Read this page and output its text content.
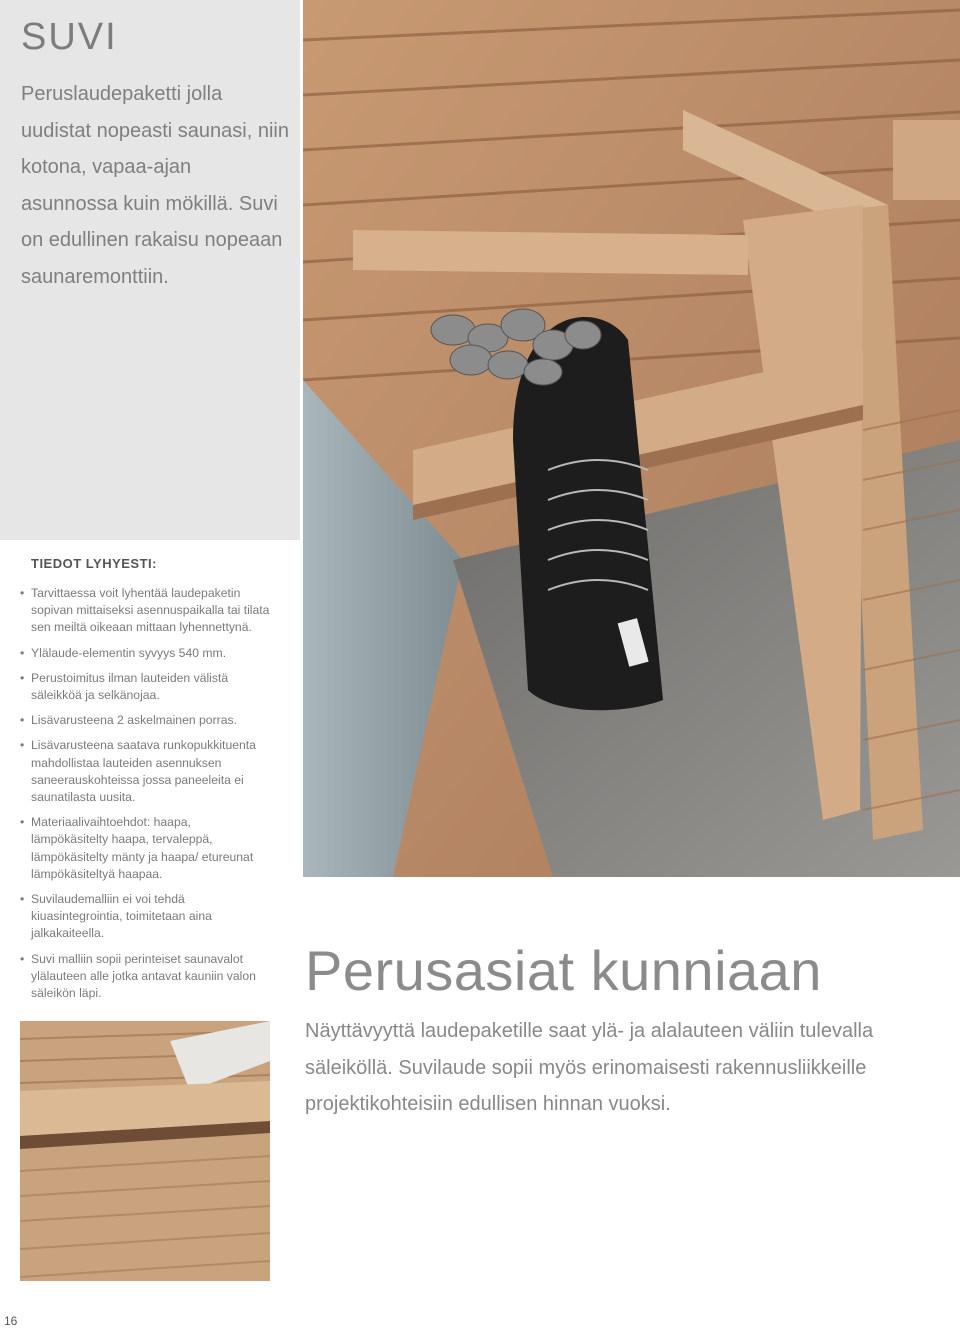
SUVI
Peruslaudepaketti jolla uudistat nopeasti saunasi, niin kotona, vapaa-ajan asunnossa kuin mökillä. Suvi on edullinen rakaisu nopeaan saunaremonttiin.
TIEDOT LYHYESTI:
• Tarvittaessa voit lyhentää laudepaketin sopivan mittaiseksi asennuspaikalla tai tilata sen meiltä oikeaan mittaan lyhennettynä.
• Ylälaude-elementin syvyys 540 mm.
• Perustoimitus ilman lauteiden välistä säleikköä ja selkänojaa.
• Lisävarusteena 2 askelmainen porras.
• Lisävarusteena saatava runkopukkituenta mahdollistaa lauteiden asennuksen saneerauskohteissa jossa paneeleita ei saunatilasta uusita.
• Materiaalivaihtoehdot: haapa, lämpökäsitelty haapa, tervaleppä, lämpökäsitelty mänty ja haapa/ etureunat lämpökäsiteltyä haapaa.
• Suvilaudemalliin ei voi tehdä kiuasintegrointia, toimitetaan aina jalkakaiteella.
• Suvi malliin sopii perinteiset saunavalot ylälauteen alle jotka antavat kauniin valon säleikön läpi.	Perusasiat kunniaan
Näyttävyyttä laudepaketille saat ylä- ja alalauteen väliin tulevalla säleiköllä. Suvilaude sopii myös erinomaisesti rakennusliikkeille projektikohteisiin edullisen hinnan vuoksi.
16
